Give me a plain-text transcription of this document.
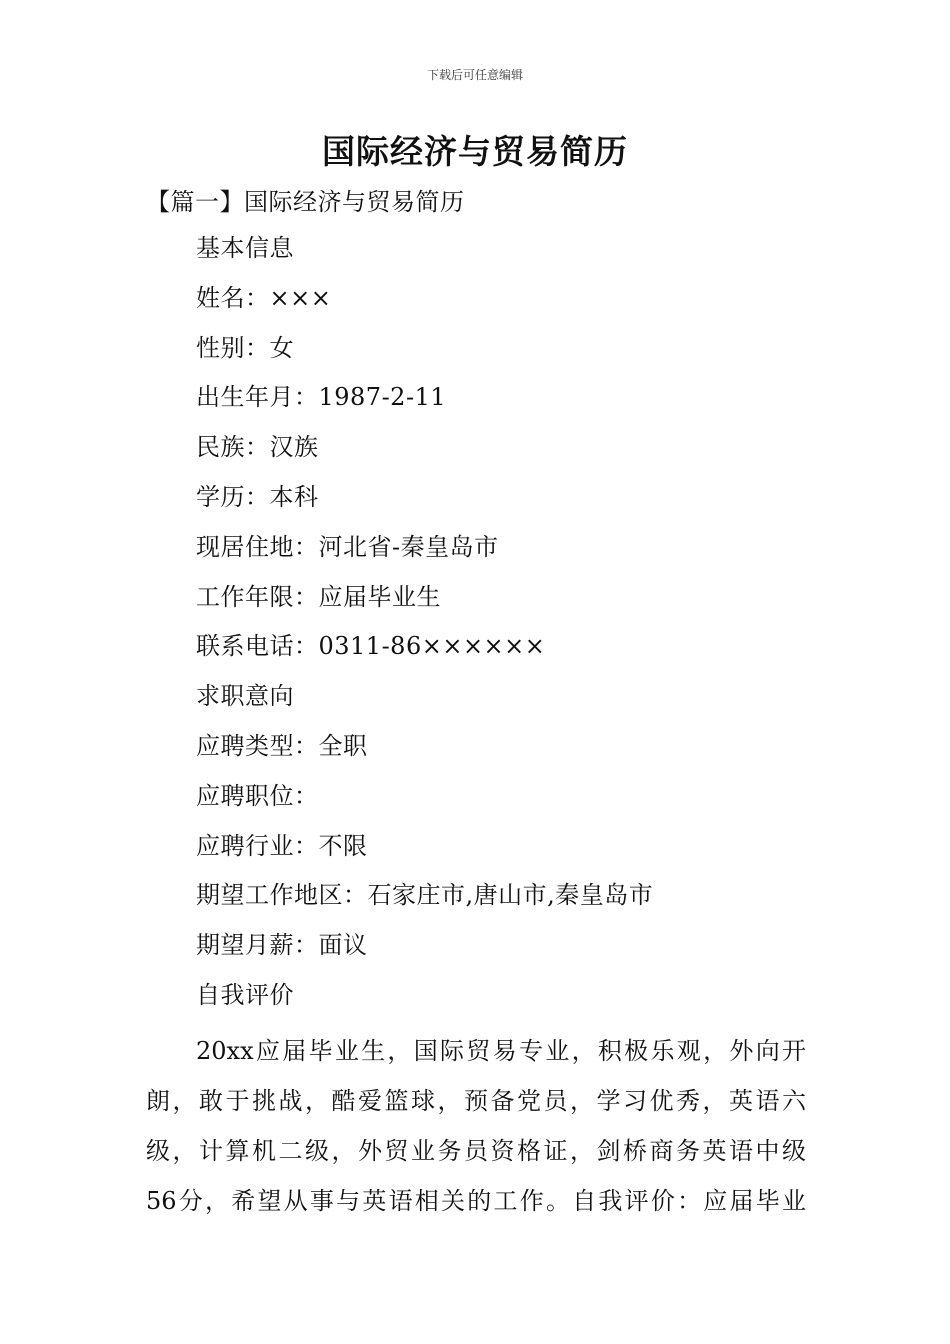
下载后可任意编辑
国际经济与贸易简历
【篇一】国际经济与贸易简历
基本信息
姓名：×××
性别：女
出生年月：1987-2-11
民族：汉族
学历：本科
现居住地：河北省-秦皇岛市
工作年限：应届毕业生
联系电话：0311-86××××××
求职意向
应聘类型：全职
应聘职位：
应聘行业：不限
期望工作地区：石家庄市,唐山市,秦皇岛市
期望月薪：面议
自我评价

20xx应届毕业生，国际贸易专业，积极乐观，外向开
朗，敢于挑战，酷爱篮球，预备党员，学习优秀，英语六
级，计算机二级，外贸业务员资格证，剑桥商务英语中级
56分，希望从事与英语相关的工作。自我评价：应届毕业
